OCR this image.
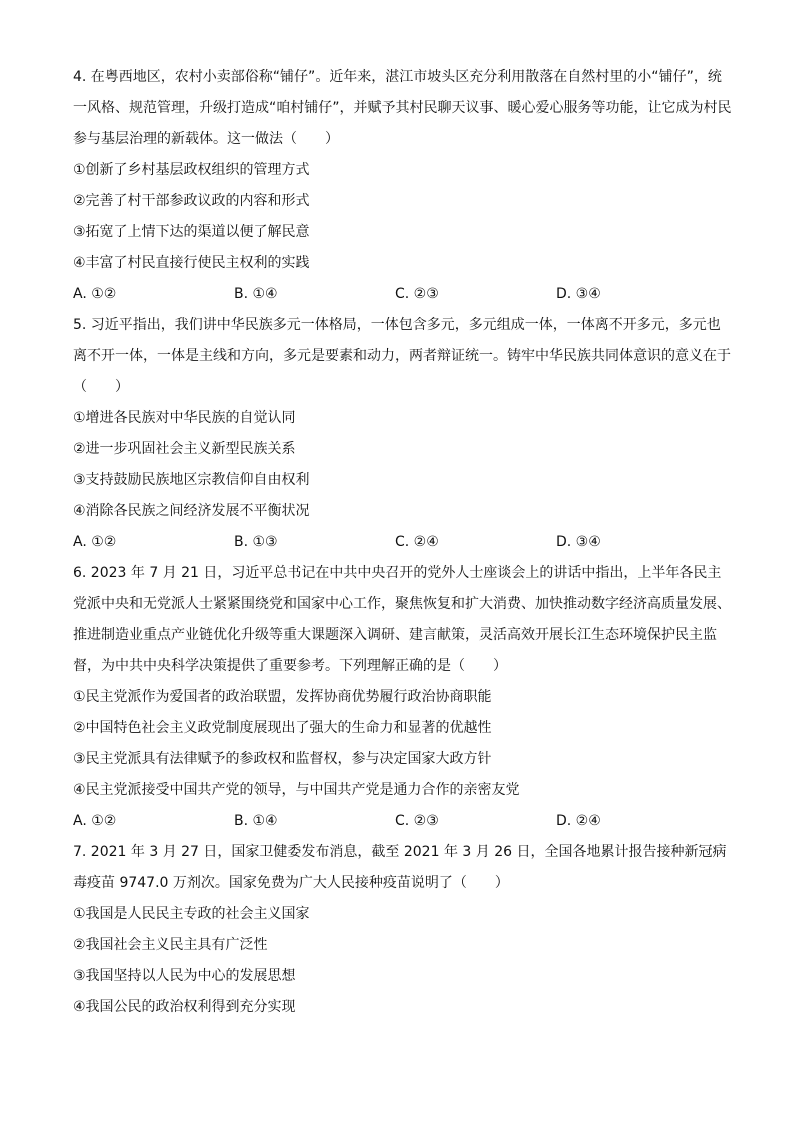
4. 在粤西地区，农村小卖部俗称“铺仔”。近年来，湛江市坡头区充分利用散落在自然村里的小“铺仔”，统一风格、规范管理，升级打造成“咱村铺仔”，并赋予其村民聊天议事、暖心爱心服务等功能，让它成为村民参与基层治理的新载体。这一做法（　　）

①创新了乡村基层政权组织的管理方式

②完善了村干部参政议政的内容和形式

③拓宽了上情下达的渠道以便了解民意

④丰富了村民直接行使民主权利的实践

A. ①②	B. ①④	C. ②③	D. ③④

5. 习近平指出，我们讲中华民族多元一体格局，一体包含多元，多元组成一体，一体离不开多元，多元也离不开一体，一体是主线和方向，多元是要素和动力，两者辩证统一。铸牢中华民族共同体意识的意义在于（　　）

①增进各民族对中华民族的自觉认同

②进一步巩固社会主义新型民族关系

③支持鼓励民族地区宗教信仰自由权利

④消除各民族之间经济发展不平衡状况

A. ①②	B. ①③	C. ②④	D. ③④

6. 2023 年 7 月 21 日，习近平总书记在中共中央召开的党外人士座谈会上的讲话中指出，上半年各民主党派中央和无党派人士紧紧围绕党和国家中心工作，聚焦恢复和扩大消费、加快推动数字经济高质量发展、推进制造业重点产业链优化升级等重大课题深入调研、建言献策，灵活高效开展长江生态环境保护民主监督，为中共中央科学决策提供了重要参考。下列理解正确的是（　　）

①民主党派作为爱国者的政治联盟，发挥协商优势履行政治协商职能

②中国特色社会主义政党制度展现出了强大的生命力和显著的优越性

③民主党派具有法律赋予的参政权和监督权，参与决定国家大政方针

④民主党派接受中国共产党的领导，与中国共产党是通力合作的亲密友党

A. ①②	B. ①④	C. ②③	D. ②④

7. 2021 年 3 月 27 日，国家卫健委发布消息，截至 2021 年 3 月 26 日，全国各地累计报告接种新冠病毒疫苗 9747.0 万剂次。国家免费为广大人民接种疫苗说明了（　　）

①我国是人民民主专政的社会主义国家

②我国社会主义民主具有广泛性

③我国坚持以人民为中心的发展思想

④我国公民的政治权利得到充分实现
